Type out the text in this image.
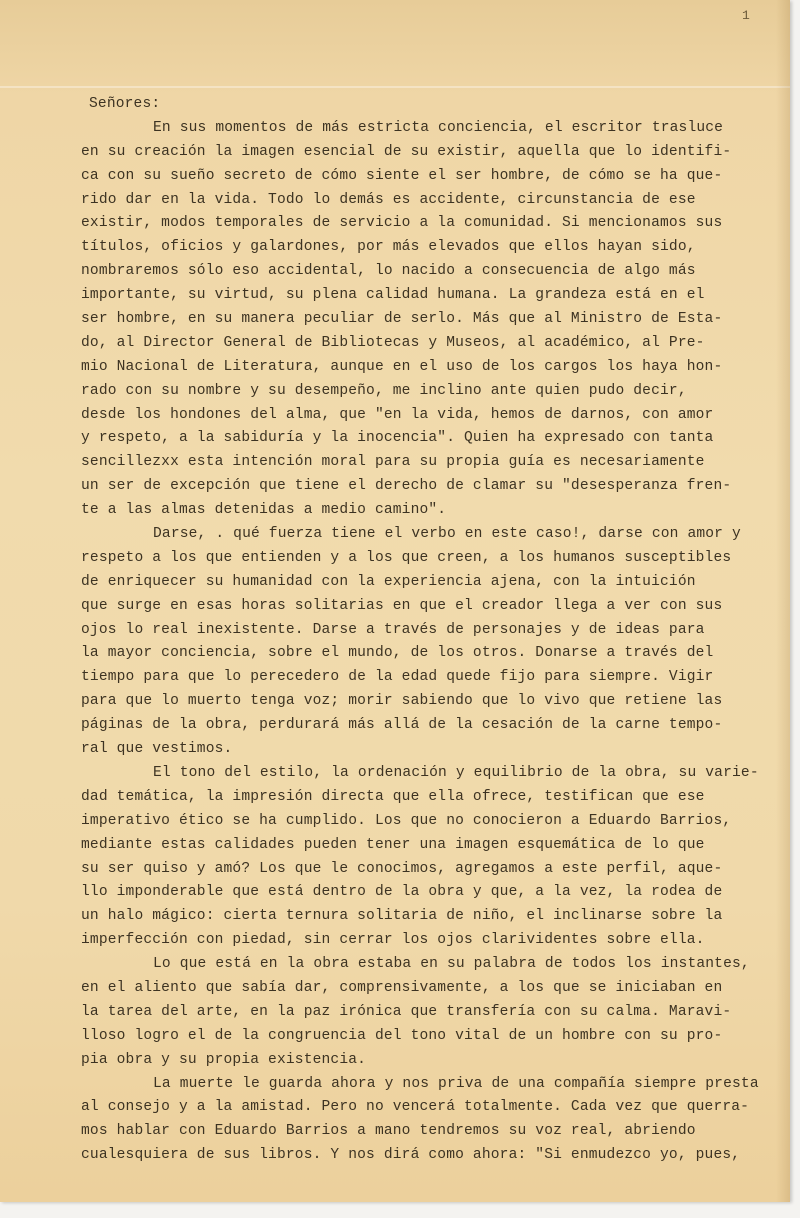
1
Señores:
En sus momentos de más estricta conciencia, el escritor trasluce
en su creación la imagen esencial de su existir, aquella que lo identifi-
ca con su sueño secreto de cómo siente el ser hombre, de cómo se ha que-
rido dar en la vida. Todo lo demás es accidente, circunstancia de ese
existir, modos temporales de servicio a la comunidad. Si mencionamos sus
títulos, oficios y galardones, por más elevados que ellos hayan sido,
nombraremos sólo eso accidental, lo nacido a consecuencia de algo más
importante, su virtud, su plena calidad humana. La grandeza está en el
ser hombre, en su manera peculiar de serlo. Más que al Ministro de Esta-
do, al Director General de Bibliotecas y Museos, al académico, al Pre-
mio Nacional de Literatura, aunque en el uso de los cargos los haya hon-
rado con su nombre y su desempeño, me inclino ante quien pudo decir,
desde los hondones del alma, que "en la vida, hemos de darnos, con amor
y respeto, a la sabiduría y la inocencia". Quien ha expresado con tanta
sencillezxx esta intención moral para su propia guía es necesariamente
un ser de excepción que tiene el derecho de clamar su "desesperanza fren-
te a las almas detenidas a medio camino".
Darse, . qué fuerza tiene el verbo en este caso!, darse con amor y
respeto a los que entienden y a los que creen, a los humanos susceptibles
de enriquecer su humanidad con la experiencia ajena, con la intuición
que surge en esas horas solitarias en que el creador llega a ver con sus
ojos lo real inexistente. Darse a través de personajes y de ideas para
la mayor conciencia, sobre el mundo, de los otros. Donarse a través del
tiempo para que lo perecedero de la edad quede fijo para siempre. Vigir
para que lo muerto tenga voz; morir sabiendo que lo vivo que retiene las
páginas de la obra, perdurará más allá de la cesación de la carne tempo-
ral que vestimos.
El tono del estilo, la ordenación y equilibrio de la obra, su varie-
dad temática, la impresión directa que ella ofrece, testifican que ese
imperativo ético se ha cumplido. Los que no conocieron a Eduardo Barrios,
mediante estas calidades pueden tener una imagen esquemática de lo que
su ser quiso y amó? Los que le conocimos, agregamos a este perfil, aque-
llo imponderable que está dentro de la obra y que, a la vez, la rodea de
un halo mágico: cierta ternura solitaria de niño, el inclinarse sobre la
imperfección con piedad, sin cerrar los ojos clarividentes sobre ella.
Lo que está en la obra estaba en su palabra de todos los instantes,
en el aliento que sabía dar, comprensivamente, a los que se iniciaban en
la tarea del arte, en la paz irónica que transfería con su calma. Maravi-
lloso logro el de la congruencia del tono vital de un hombre con su pro-
pia obra y su propia existencia.
La muerte le guarda ahora y nos priva de una compañía siempre presta
al consejo y a la amistad. Pero no vencerá totalmente. Cada vez que querra-
mos hablar con Eduardo Barrios a mano tendremos su voz real, abriendo
cualesquiera de sus libros. Y nos dirá como ahora: "Si enmudezco yo, pues,
